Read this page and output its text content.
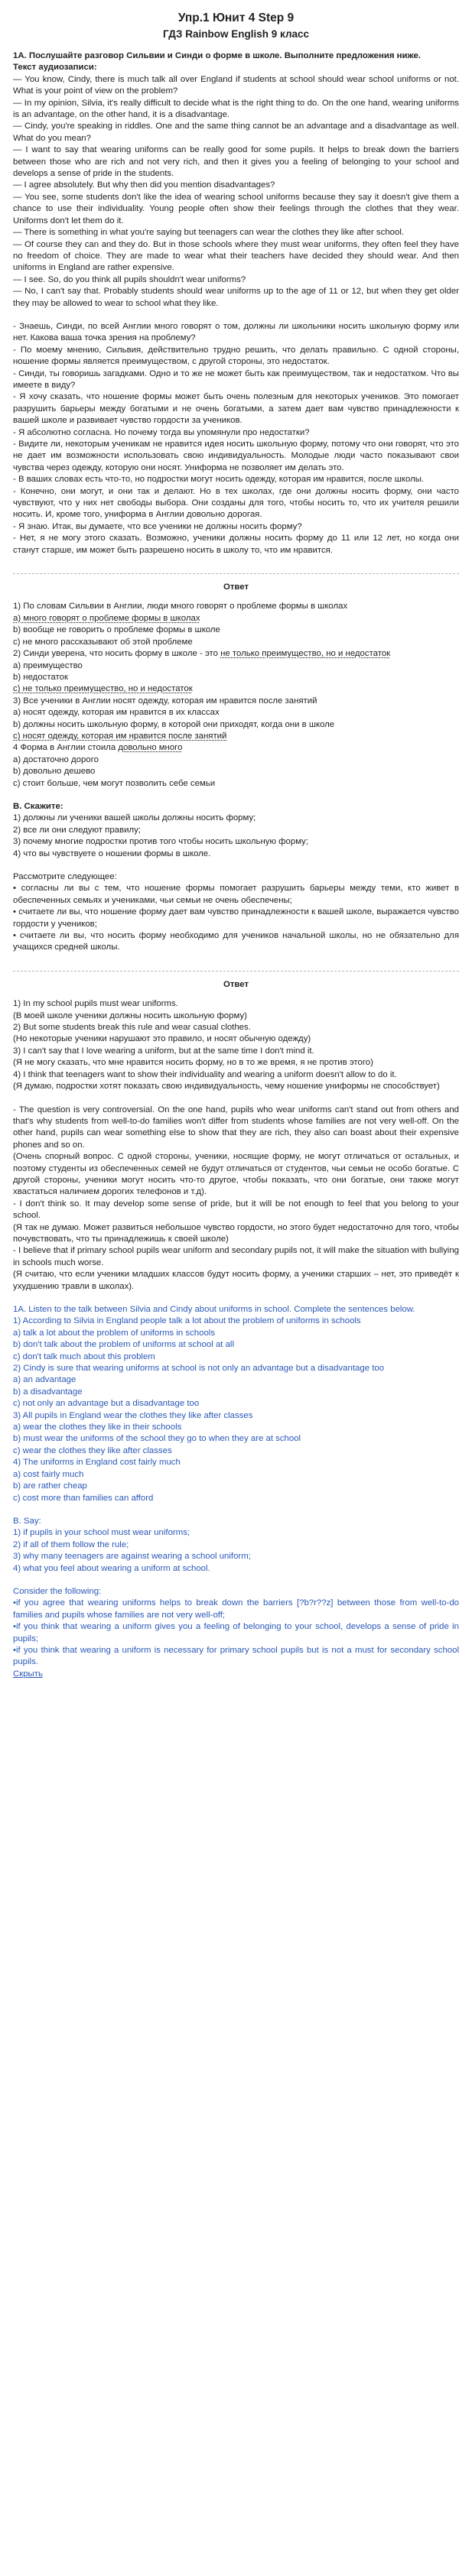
Упр.1 Юнит 4 Step 9
ГДЗ Rainbow English 9 класс

1А. Послушайте разговор Сильвии и Синди о форме в школе. Выполните предложения ниже.

Текст аудиозаписи:

— You know, Cindy, there is much talk all over England if students at school should wear school uniforms or not. What is your point of view on the problem?

— In my opinion, Silvia, it's really difficult to decide what is the right thing to do. On the one hand, wearing uniforms is an advantage, on the other hand, it is a disadvantage.

— Cindy, you're speaking in riddles. One and the same thing cannot be an advantage and a disadvantage as well. What do you mean?

— I want to say that wearing uniforms can be really good for some pupils. It helps to break down the barriers between those who are rich and not very rich, and then it gives you a feeling of belonging to your school and develops a sense of pride in the students.

— I agree absolutely. But why then did you mention disadvantages?

— You see, some students don't like the idea of wearing school uniforms because they say it doesn't give them a chance to use their individuality. Young people often show their feelings through the clothes that they wear. Uniforms don't let them do it.

— There is something in what you're saying but teenagers can wear the clothes they like after school.

— Of course they can and they do. But in those schools where they must wear uniforms, they often feel they have no freedom of choice. They are made to wear what their teachers have decided they should wear. And then uniforms in England are rather expensive.

— I see. So, do you think all pupils shouldn't wear uniforms?

— No, I can't say that. Probably students should wear uniforms up to the age of 11 or 12, but when they get older they may be allowed to wear to school what they like.

- Знаешь, Синди, по всей Англии много говорят о том, должны ли школьники носить школьную форму или нет. Какова ваша точка зрения на проблему?

- По моему мнению, Сильвия, действительно трудно решить, что делать правильно. С одной стороны, ношение формы является преимуществом, с другой стороны, это недостаток.

- Синди, ты говоришь загадками. Одно и то же не может быть как преимуществом, так и недостатком. Что вы имеете в виду?

- Я хочу сказать, что ношение формы может быть очень полезным для некоторых учеников. Это помогает разрушить барьеры между богатыми и не очень богатыми, а затем дает вам чувство принадлежности к вашей школе и развивает чувство гордости за учеников.

- Я абсолютно согласна. Но почему тогда вы упомянули про недостатки?

- Видите ли, некоторым ученикам не нравится идея носить школьную форму, потому что они говорят, что это не дает им возможности использовать свою индивидуальность. Молодые люди часто показывают свои чувства через одежду, которую они носят. Униформа не позволяет им делать это.

- В ваших словах есть что-то, но подростки могут носить одежду, которая им нравится, после школы.

- Конечно, они могут, и они так и делают. Но в тех школах, где они должны носить форму, они часто чувствуют, что у них нет свободы выбора. Они созданы для того, чтобы носить то, что их учителя решили носить. И, кроме того, униформа в Англии довольно дорогая.

- Я знаю. Итак, вы думаете, что все ученики не должны носить форму?

- Нет, я не могу этого сказать. Возможно, ученики должны носить форму до 11 или 12 лет, но когда они станут старше, им может быть разрешено носить в школу то, что им нравится.

Ответ

1) По словам Сильвии в Англии, люди много говорят о проблеме формы в школах

а) много говорят о проблеме формы в школах

b) вообще не говорить о проблеме формы в школе

c) не много рассказывают об этой проблеме

2) Синди уверена, что носить форму в школе - это не только преимущество, но и недостаток

а) преимущество

b) недостаток

c) не только преимущество, но и недостаток

3) Все ученики в Англии носят одежду, которая им нравится после занятий

а) носят одежду, которая им нравится в их классах

b) должны носить школьную форму, в которой они приходят, когда они в школе

c) носят одежду, которая им нравится после занятий

4 Форма в Англии стоила довольно много

а) достаточно дорого

b) довольно дешево

c) стоит больше, чем могут позволить себе семьи

B. Скажите:

1) должны ли ученики вашей школы должны носить форму;

2) все ли они следуют правилу;

3) почему многие подростки против того чтобы носить школьную форму;

4) что вы чувствуете о ношении формы в школе.

Рассмотрите следующее:

• согласны ли вы с тем, что ношение формы помогает разрушить барьеры между теми, кто живет в обеспеченных семьях и учениками, чьи семьи не очень обеспечены;

• считаете ли вы, что ношение форму дает вам чувство принадлежности к вашей школе, выражается чувство гордости у учеников;

• считаете ли вы, что носить форму необходимо для учеников начальной школы, но не обязательно для учащихся средней школы.

Ответ

1) In my school pupils must wear uniforms.

(В моей школе ученики должны носить школьную форму)

2) But some students break this rule and wear casual clothes.

(Но некоторые ученики нарушают это правило, и носят обычную одежду)

3) I can't say that I love wearing a uniform, but at the same time I don't mind it.

(Я не могу сказать, что мне нравится носить форму, но в то же время, я не против этого)

4) I think that teenagers want to show their individuality and wearing a uniform doesn't allow to do it.

(Я думаю, подростки хотят показать свою индивидуальность, чему ношение униформы не способствует)

- The question is very controversial. On the one hand, pupils who wear uniforms can't stand out from others and that's why students from well-to-do families won't differ from students whose families are not very well-off. On the other hand, pupils can wear something else to show that they are rich, they also can boast about their expensive phones and so on.

(Очень спорный вопрос. С одной стороны, ученики, носящие форму, не могут отличаться от остальных, и поэтому студенты из обеспеченных семей не будут отличаться от студентов, чьи семьи не особо богатые. С другой стороны, ученики могут носить что-то другое, чтобы показать, что они богатые, они также могут хвастаться наличием дорогих телефонов и т.д).

- I don't think so. It may develop some sense of pride, but it will be not enough to feel that you belong to your school.

(Я так не думаю. Может развиться небольшое чувство гордости, но этого будет недостаточно для того, чтобы почувствовать, что ты принадлежишь к своей школе)

- I believe that if primary school pupils wear uniform and secondary pupils not, it will make the situation with bullying in schools much worse.

(Я считаю, что если ученики младших классов будут носить форму, а ученики старших – нет, это приведёт к ухудшению травли в школах).

1A. Listen to the talk between Silvia and Cindy about uniforms in school. Complete the sentences below.

1) According to Silvia in England people talk a lot about the problem of uniforms in schools

a) talk a lot about the problem of uniforms in schools

b) don't talk about the problem of uniforms at school at all

c) don't talk much about this problem

2) Cindy is sure that wearing uniforms at school is not only an advantage but a disadvantage too

a) an advantage

b) a disadvantage

c) not only an advantage but a disadvantage too

3) All pupils in England wear the clothes they like after classes

a) wear the clothes they like in their schools

b) must wear the uniforms of the school they go to when they are at school

c) wear the clothes they like after classes

4) The uniforms in England cost fairly much

a) cost fairly much

b) are rather cheap

c) cost more than families can afford

B. Say:

1) if pupils in your school must wear uniforms;

2) if all of them follow the rule;

3) why many teenagers are against wearing a school uniform;

4) what you feel about wearing a uniform at school.

Consider the following:

•if you agree that wearing uniforms helps to break down the barriers [?b?r??z] between those from well-to-do families and pupils whose families are not very well-off;

•if you think that wearing a uniform gives you a feeling of belonging to your school, develops a sense of pride in pupils;

•if you think that wearing a uniform is necessary for primary school pupils but is not a must for secondary school pupils.

Скрыть
